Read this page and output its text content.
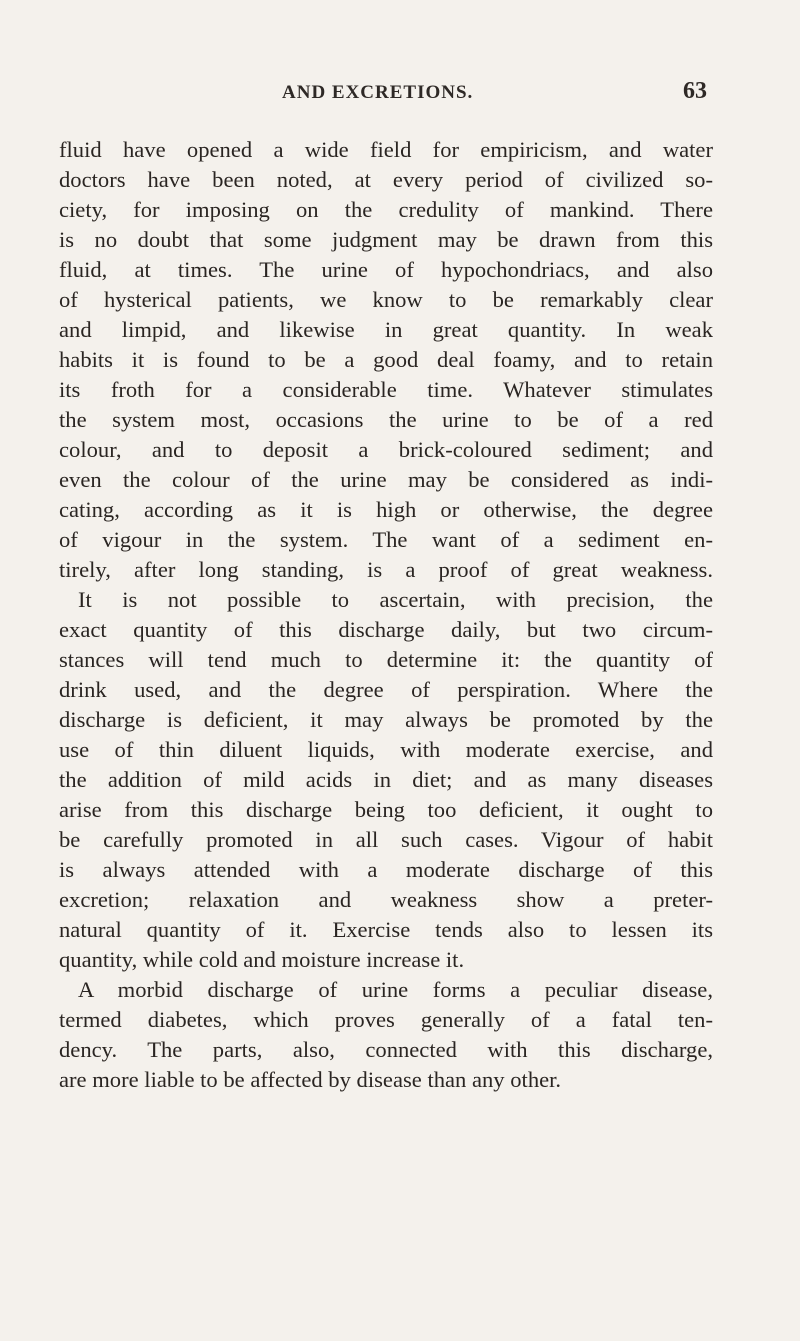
AND EXCRETIONS.	63
fluid have opened a wide field for empiricism, and water
doctors have been noted, at every period of civilized so-
ciety, for imposing on the credulity of mankind. There
is no doubt that some judgment may be drawn from this
fluid, at times. The urine of hypochondriacs, and also
of hysterical patients, we know to be remarkably clear
and limpid, and likewise in great quantity. In weak
habits it is found to be a good deal foamy, and to retain
its froth for a considerable time. Whatever stimulates
the system most, occasions the urine to be of a red
colour, and to deposit a brick-coloured sediment; and
even the colour of the urine may be considered as indi-
cating, according as it is high or otherwise, the degree
of vigour in the system. The want of a sediment en-
tirely, after long standing, is a proof of great weakness.
It is not possible to ascertain, with precision, the
exact quantity of this discharge daily, but two circum-
stances will tend much to determine it: the quantity of
drink used, and the degree of perspiration. Where the
discharge is deficient, it may always be promoted by the
use of thin diluent liquids, with moderate exercise, and
the addition of mild acids in diet; and as many diseases
arise from this discharge being too deficient, it ought to
be carefully promoted in all such cases. Vigour of habit
is always attended with a moderate discharge of this
excretion; relaxation and weakness show a preter-
natural quantity of it. Exercise tends also to lessen its
quantity, while cold and moisture increase it.
A morbid discharge of urine forms a peculiar disease,
termed diabetes, which proves generally of a fatal ten-
dency. The parts, also, connected with this discharge,
are more liable to be affected by disease than any other.
